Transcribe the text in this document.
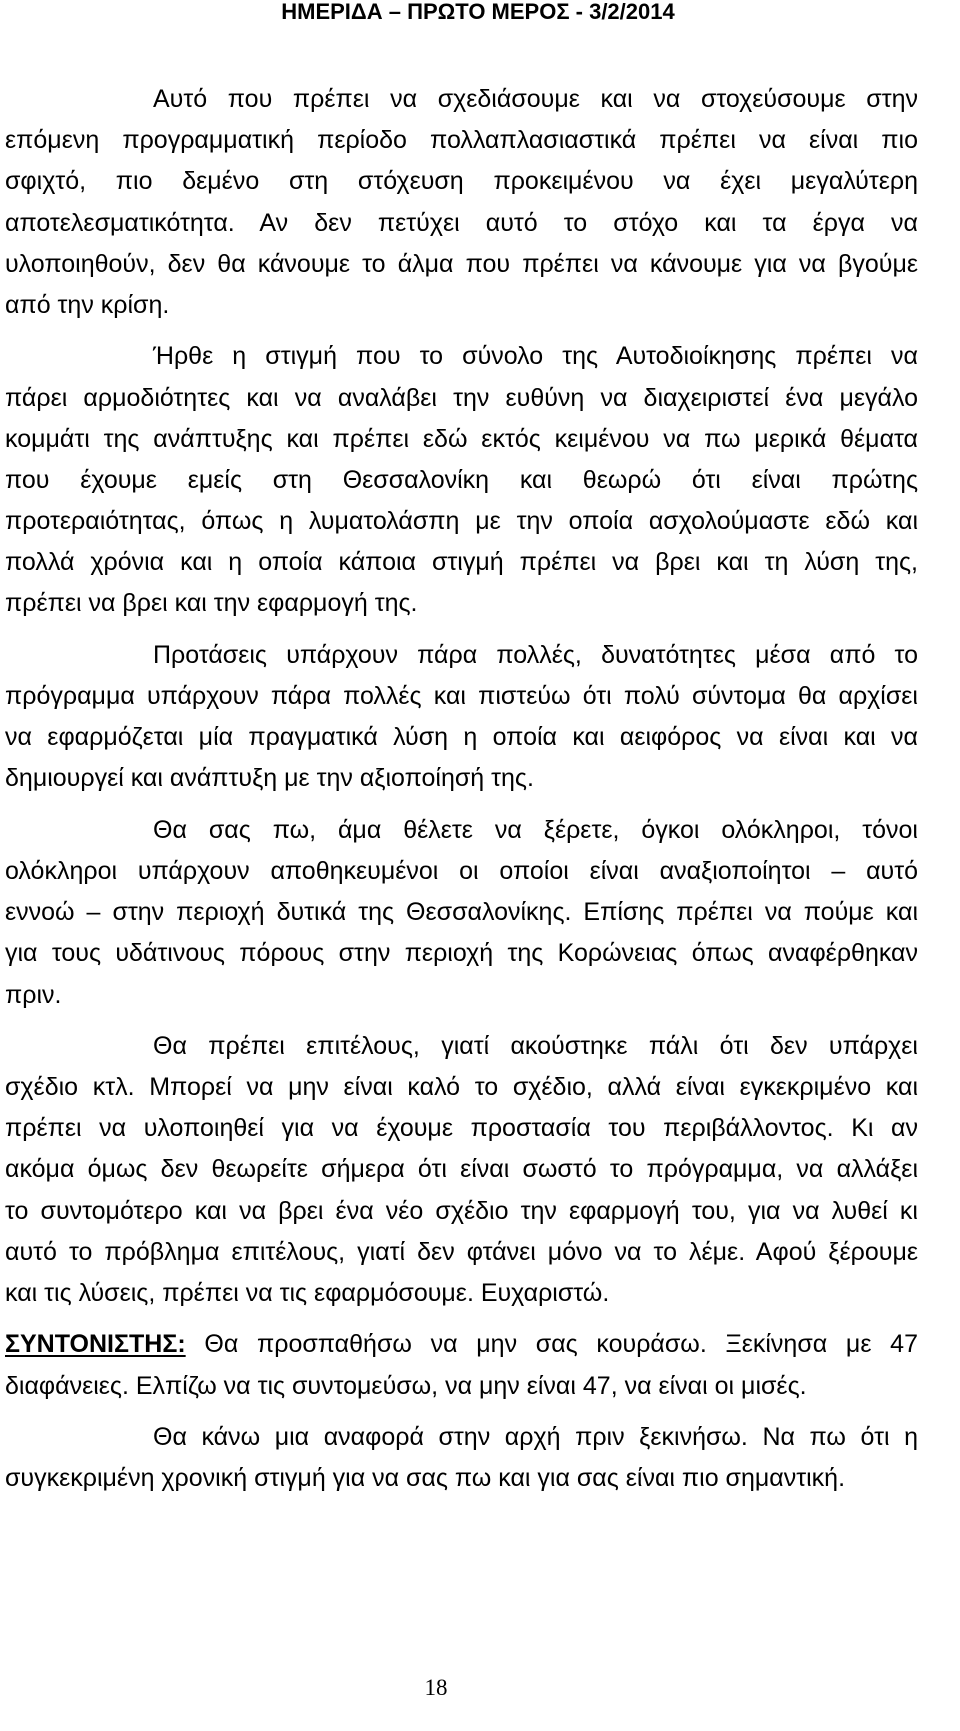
ΗΜΕΡΙΔΑ – ΠΡΩΤΟ ΜΕΡΟΣ - 3/2/2014
Αυτό που πρέπει να σχεδιάσουμε και να στοχεύσουμε στην
επόμενη προγραμματική περίοδο πολλαπλασιαστικά πρέπει να είναι πιο
σφιχτό, πιο δεμένο στη στόχευση προκειμένου να έχει μεγαλύτερη
αποτελεσματικότητα. Αν δεν πετύχει αυτό το στόχο και τα έργα να
υλοποιηθούν, δεν θα κάνουμε το άλμα που πρέπει να κάνουμε για να βγούμε
από την κρίση.
Ήρθε η στιγμή που το σύνολο της Αυτοδιοίκησης πρέπει να
πάρει αρμοδιότητες και να αναλάβει την ευθύνη να διαχειριστεί ένα μεγάλο
κομμάτι της ανάπτυξης και πρέπει εδώ εκτός κειμένου να πω μερικά θέματα
που έχουμε εμείς στη Θεσσαλονίκη και θεωρώ ότι είναι πρώτης
προτεραιότητας, όπως η λυματολάσπη με την οποία ασχολούμαστε εδώ και
πολλά χρόνια και η οποία κάποια στιγμή πρέπει να βρει και τη λύση της,
πρέπει να βρει και την εφαρμογή της.
Προτάσεις υπάρχουν πάρα πολλές, δυνατότητες μέσα από το
πρόγραμμα υπάρχουν πάρα πολλές και πιστεύω ότι πολύ σύντομα θα αρχίσει
να εφαρμόζεται μία πραγματικά λύση η οποία και αειφόρος να είναι και να
δημιουργεί και ανάπτυξη με την αξιοποίησή της.
Θα σας πω, άμα θέλετε να ξέρετε, όγκοι ολόκληροι, τόνοι
ολόκληροι υπάρχουν αποθηκευμένοι οι οποίοι είναι αναξιοποίητοι – αυτό
εννοώ – στην περιοχή δυτικά της Θεσσαλονίκης. Επίσης πρέπει να πούμε και
για τους υδάτινους πόρους στην περιοχή της Κορώνειας όπως αναφέρθηκαν
πριν.
Θα πρέπει επιτέλους, γιατί ακούστηκε πάλι ότι δεν υπάρχει
σχέδιο κτλ. Μπορεί να μην είναι καλό το σχέδιο, αλλά είναι εγκεκριμένο και
πρέπει να υλοποιηθεί για να έχουμε προστασία του περιβάλλοντος. Κι αν
ακόμα όμως δεν θεωρείτε σήμερα ότι είναι σωστό το πρόγραμμα, να αλλάξει
το συντομότερο και να βρει ένα νέο σχέδιο την εφαρμογή του, για να λυθεί κι
αυτό το πρόβλημα επιτέλους, γιατί δεν φτάνει μόνο να το λέμε. Αφού ξέρουμε
και τις λύσεις, πρέπει να τις εφαρμόσουμε. Ευχαριστώ.
ΣΥΝΤΟΝΙΣΤΗΣ: Θα προσπαθήσω να μην σας κουράσω. Ξεκίνησα με 47
διαφάνειες. Ελπίζω να τις συντομεύσω, να μην είναι 47, να είναι οι μισές.
Θα κάνω μια αναφορά στην αρχή πριν ξεκινήσω. Να πω ότι η
συγκεκριμένη χρονική στιγμή για να σας πω και για σας είναι πιο σημαντική.
18
